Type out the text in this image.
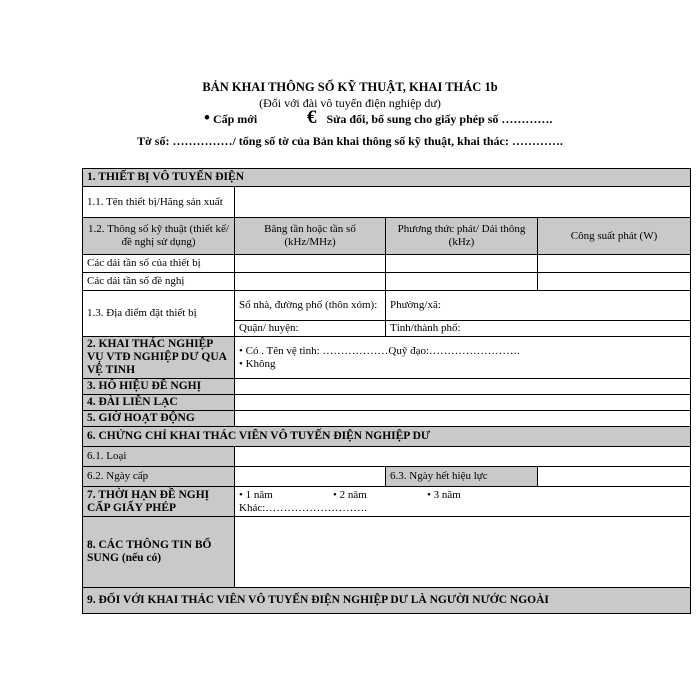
BẢN KHAI THÔNG SỐ KỸ THUẬT, KHAI THÁC 1b
(Đối với đài vô tuyến điện nghiệp dư)
• Cấp mới	€ Sửa đổi, bổ sung cho giấy phép số ………….
Tờ số: ……………/ tổng số tờ của Bản khai thông số kỹ thuật, khai thác: ………….
1. THIẾT BỊ VÔ TUYẾN ĐIỆN			
1.1. Tên thiết bị/Hãng sản xuất			
1.2. Thông số kỹ thuật (thiết kế/đề nghị sử dụng)	Băng tần hoặc tần số (kHz/MHz)	Phương thức phát/ Dải thông (kHz)	Công suất phát (W)
Các dải tần số của thiết bị			
Các dải tần số đề nghị			
1.3. Địa điểm đặt thiết bị	Số nhà, đường phố (thôn xóm):	Phường/xã:	
	Quận/ huyện:	Tỉnh/thành phố:	
2. KHAI THÁC NGHIỆP VỤ VTĐ NGHIỆP DƯ QUA VỆ TINH	• Có . Tên vệ tinh: ………………Quỹ đạo:…………………….
• Không		

3. HÔ HIỆU ĐỀ NGHỊ			
4. ĐÀI LIÊN LẠC			
5. GIỜ HOẠT ĐỘNG			
6. CHỨNG CHỈ KHAI THÁC VIÊN VÔ TUYẾN ĐIỆN NGHIỆP DƯ			
6.1. Loại			
6.2. Ngày cấp		6.3. Ngày hết hiệu lực	
7. THỜI HẠN ĐỀ NGHỊ CẤP GIẤY PHÉP	• 1 năm • 2 năm • 3 năm
Khác:……………………….		

8. CÁC THÔNG TIN BỔ SUNG (nếu có)			
9. ĐỐI VỚI KHAI THÁC VIÊN VÔ TUYẾN ĐIỆN NGHIỆP DƯ LÀ NGƯỜI NƯỚC NGOÀI			
